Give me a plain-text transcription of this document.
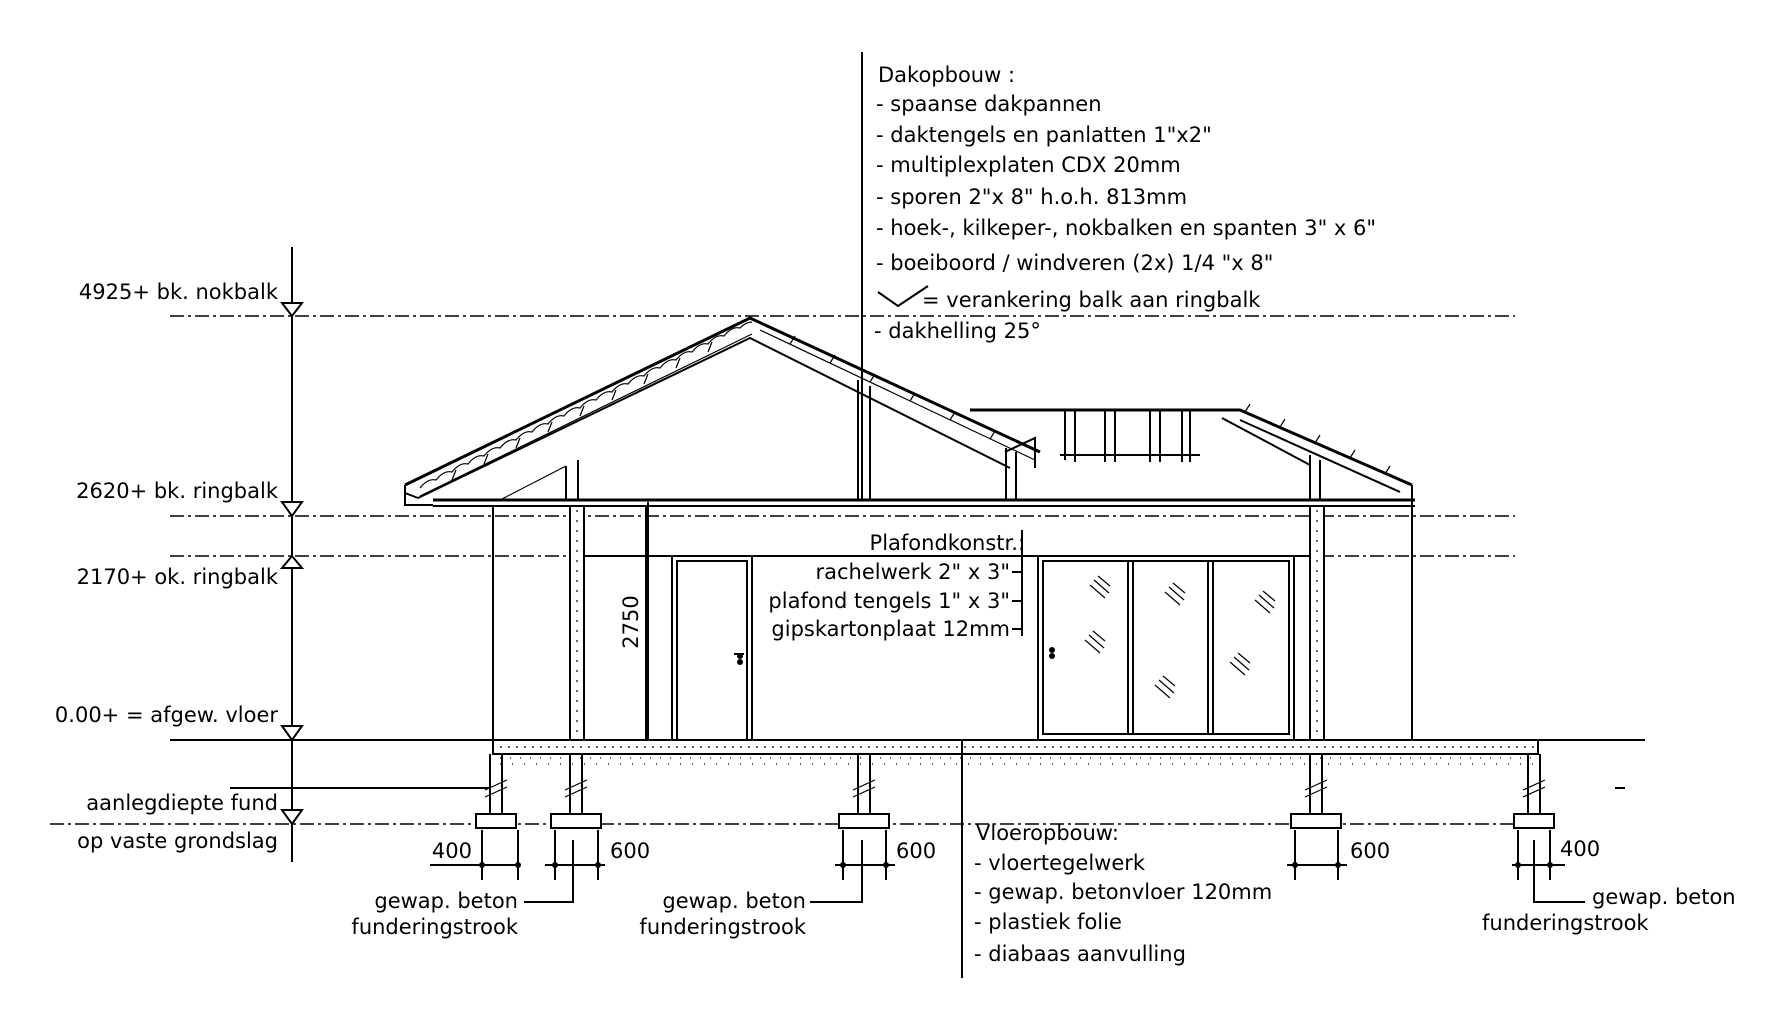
4925+ bk. nokbalk
2620+ bk. ringbalk
2170+ ok. ringbalk
0.00+ = afgew. vloer
aanlegdiepte fund
op vaste grondslag
2750
400	600	600	600	400
gewap. beton
funderingstrook
gewap. beton
funderingstrook
gewap. beton
funderingstrook
Dakopbouw :
- spaanse dakpannen
- daktengels en panlatten 1"x2"
- multiplexplaten CDX 20mm
- sporen 2"x 8" h.o.h. 813mm
- hoek-, kilkeper-, nokbalken en spanten 3" x 6"
- boeiboord / windveren (2x) 1/4 "x 8"
= verankering balk aan ringbalk
- dakhelling 25°
Plafondkonstr.:
rachelwerk 2" x 3"
plafond tengels 1" x 3"
gipskartonplaat 12mm
Vloeropbouw:
- vloertegelwerk
- gewap. betonvloer 120mm
- plastiek folie
- diabaas aanvulling
